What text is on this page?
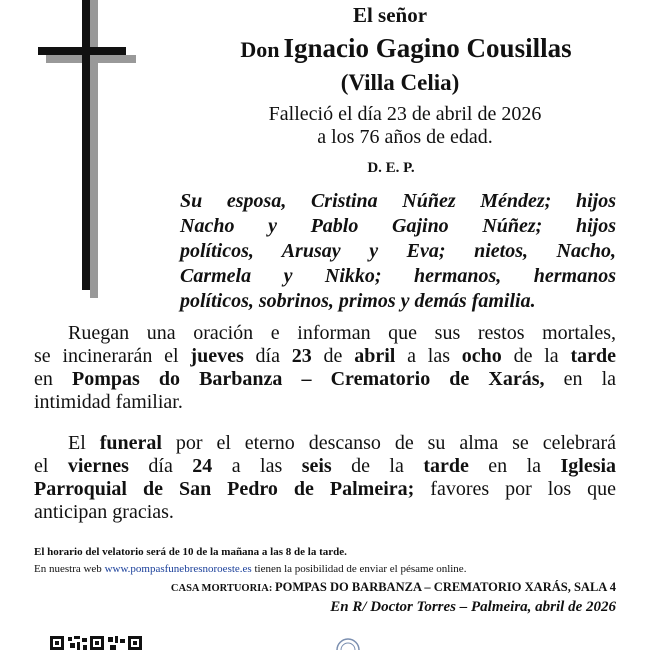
El señor

Don Ignacio Gagino Cousillas

(Villa Celia)

Falleció el día 23 de abril de 2026
a los 76 años de edad.

D. E. P.

Su esposa, Cristina Núñez Méndez; hijos
Nacho y Pablo Gajino Núñez; hijos
políticos, Arusay y Eva; nietos, Nacho,
Carmela y Nikko; hermanos, hermanos
políticos, sobrinos, primos y demás familia.
Ruegan una oración e informan que sus restos mortales,
se incinerarán el jueves día 23 de abril a las ocho de la tarde
en Pompas do Barbanza – Crematorio de Xarás, en la
intimidad familiar.
El funeral por el eterno descanso de su alma se celebrará
el viernes día 24 a las seis de la tarde en la Iglesia
Parroquial de San Pedro de Palmeira; favores por los que
anticipan gracias.

El horario del velatorio será de 10 de la mañana a las 8 de la tarde.

En nuestra web www.pompasfunebresnoroeste.es tienen la posibilidad de enviar el pésame online.

CASA MORTUORIA: POMPAS DO BARBANZA – CREMATORIO XARÁS, SALA 4

En R/ Doctor Torres – Palmeira, abril de 2026
